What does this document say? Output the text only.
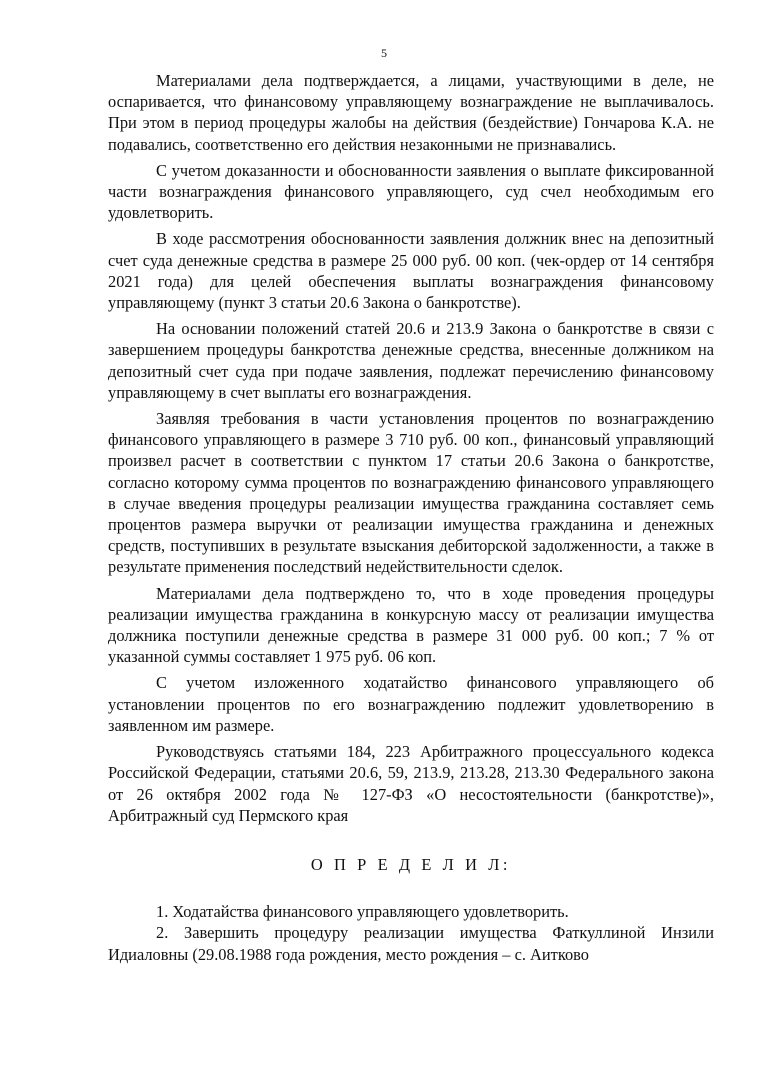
5

Материалами дела подтверждается, а лицами, участвующими в деле, не оспаривается, что финансовому управляющему вознаграждение не выплачивалось. При этом в период процедуры жалобы на действия (бездействие) Гончарова К.А. не подавались, соответственно его действия незаконными не признавались.

С учетом доказанности и обоснованности заявления о выплате фиксированной части вознаграждения финансового управляющего, суд счел необходимым его удовлетворить.

В ходе рассмотрения обоснованности заявления должник внес на депозитный счет суда денежные средства в размере 25 000 руб. 00 коп. (чек-ордер от 14 сентября 2021 года) для целей обеспечения выплаты вознаграждения финансовому управляющему (пункт 3 статьи 20.6 Закона о банкротстве).

На основании положений статей 20.6 и 213.9 Закона о банкротстве в связи с завершением процедуры банкротства денежные средства, внесенные должником на депозитный счет суда при подаче заявления, подлежат перечислению финансовому управляющему в счет выплаты его вознаграждения.

Заявляя требования в части установления процентов по вознаграждению финансового управляющего в размере 3 710 руб. 00 коп., финансовый управляющий произвел расчет в соответствии с пунктом 17 статьи 20.6 Закона о банкротстве, согласно которому сумма процентов по вознаграждению финансового управляющего в случае введения процедуры реализации имущества гражданина составляет семь процентов размера выручки от реализации имущества гражданина и денежных средств, поступивших в результате взыскания дебиторской задолженности, а также в результате применения последствий недействительности сделок.

Материалами дела подтверждено то, что в ходе проведения процедуры реализации имущества гражданина в конкурсную массу от реализации имущества должника поступили денежные средства в размере 31 000 руб. 00 коп.; 7 % от указанной суммы составляет 1 975 руб. 06 коп.

С учетом изложенного ходатайство финансового управляющего об установлении процентов по его вознаграждению подлежит удовлетворению в заявленном им размере.

Руководствуясь статьями 184, 223 Арбитражного процессуального кодекса Российской Федерации, статьями 20.6, 59, 213.9, 213.28, 213.30 Федерального закона от 26 октября 2002 года № 127-ФЗ «О несостоятельности (банкротстве)», Арбитражный суд Пермского края

О П Р Е Д Е Л И Л:

1. Ходатайства финансового управляющего удовлетворить.

2. Завершить процедуру реализации имущества Фаткуллиной Инзили Идиаловны (29.08.1988 года рождения, место рождения – с. Аитково
